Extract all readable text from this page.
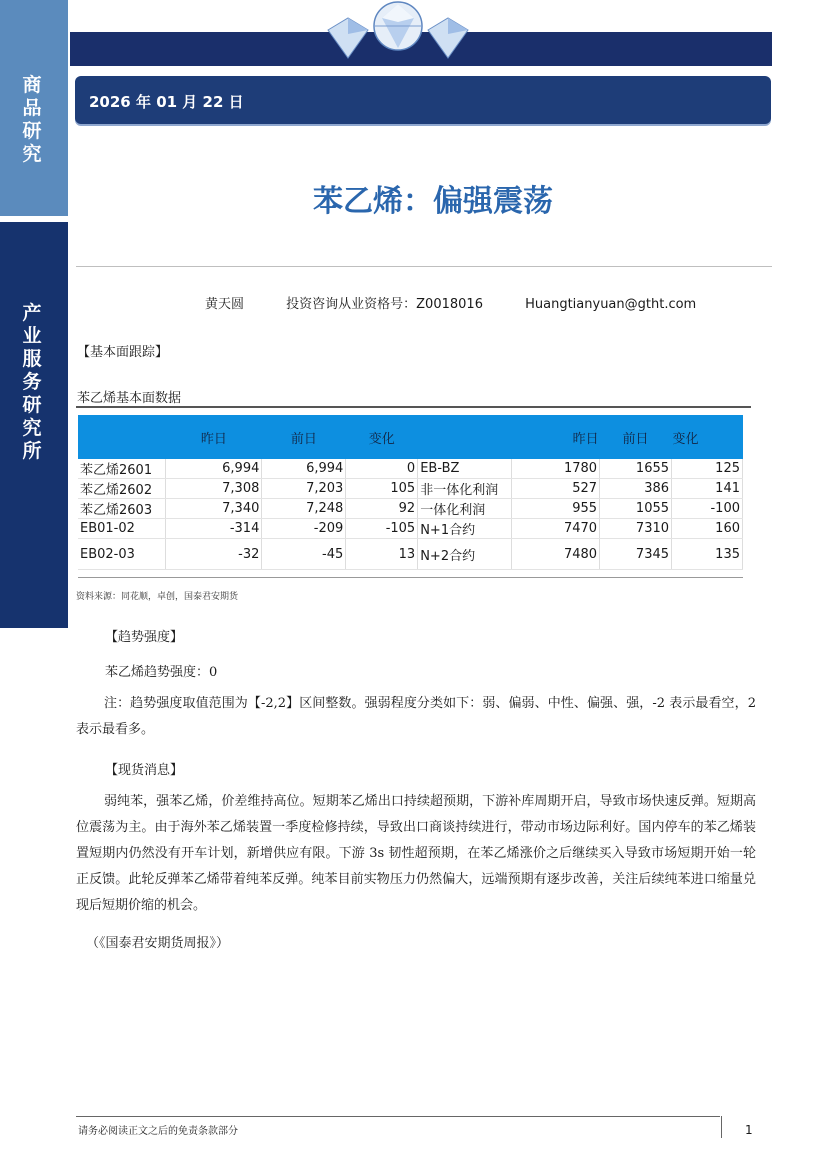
商品研究
产业服务研究所
2026 年 01 月 22 日
苯乙烯：偏强震荡
黄天圆	投资咨询从业资格号：Z0018016	Huangtianyuan@gtht.com
【基本面跟踪】
苯乙烯基本面数据
	昨日	前日	变化		昨日	前日	变化
苯乙烯2601	6,994	6,994	0	EB-BZ	1780	1655	125
苯乙烯2602	7,308	7,203	105	非一体化利润	527	386	141
苯乙烯2603	7,340	7,248	92	一体化利润	955	1055	-100
EB01-02	-314	-209	-105	N+1合约	7470	7310	160
EB02-03	-32	-45	13	N+2合约	7480	7345	135
资料来源：同花顺，卓创，国泰君安期货
【趋势强度】
苯乙烯趋势强度：0
注：趋势强度取值范围为【-2,2】区间整数。强弱程度分类如下：弱、偏弱、中性、偏强、强，-2 表示最看空，2 表示最看多。
【现货消息】
弱纯苯，强苯乙烯，价差维持高位。短期苯乙烯出口持续超预期，下游补库周期开启，导致市场快速反弹。短期高位震荡为主。由于海外苯乙烯装置一季度检修持续，导致出口商谈持续进行，带动市场边际利好。国内停车的苯乙烯装置短期内仍然没有开车计划，新增供应有限。下游 3s 韧性超预期，在苯乙烯涨价之后继续买入导致市场短期开始一轮正反馈。此轮反弹苯乙烯带着纯苯反弹。纯苯目前实物压力仍然偏大，远端预期有逐步改善，关注后续纯苯进口缩量兑现后短期价缩的机会。
（《国泰君安期货周报》）
请务必阅读正文之后的免责条款部分	1
